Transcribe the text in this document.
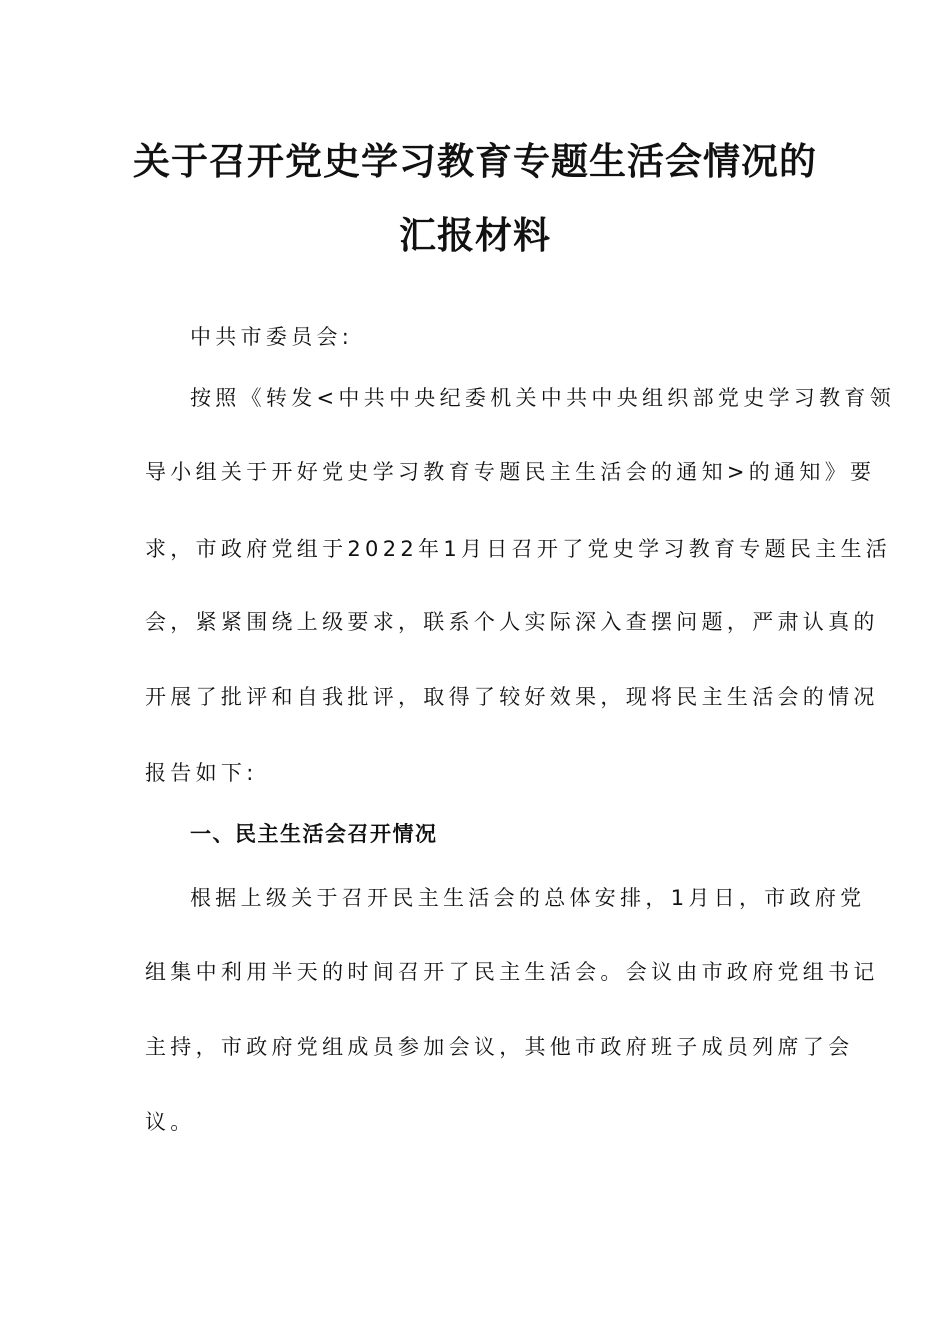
关于召开党史学习教育专题生活会情况的
汇报材料
中共市委员会:
按照《转发<中共中央纪委机关中共中央组织部党史学习教育领
导小组关于开好党史学习教育专题民主生活会的通知>的通知》要
求，市政府党组于2022年1月日召开了党史学习教育专题民主生活
会，紧紧围绕上级要求，联系个人实际深入查摆问题，严肃认真的
开展了批评和自我批评，取得了较好效果，现将民主生活会的情况
报告如下:
一、民主生活会召开情况
根据上级关于召开民主生活会的总体安排，1月日，市政府党
组集中利用半天的时间召开了民主生活会。会议由市政府党组书记
主持，市政府党组成员参加会议，其他市政府班子成员列席了会
议。
